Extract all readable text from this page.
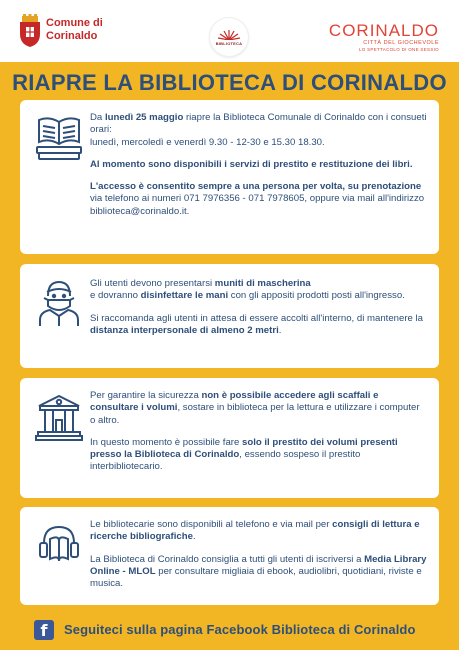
Comune di
Corinaldo
BIBLIOTECA
CORINALDO
CITTÀ DEL GIOCHEVOLE
LO SPETTACOLO DI ONE SESSIO
RIAPRE LA BIBLIOTECA DI CORINALDO

Da lunedì 25 maggio riapre la Biblioteca Comunale di Corinaldo con i consueti orari:
lunedì, mercoledì e venerdì 9.30 - 12-30 e 15.30 18.30.

Al momento sono disponibili i servizi di prestito e restituzione dei libri.

L'accesso è consentito sempre a una persona per volta, su prenotazione via telefono ai numeri 071 7976356 - 071 7978605, oppure via mail all'indirizzo biblioteca@corinaldo.it.

Gli utenti devono presentarsi muniti di mascherina
e dovranno disinfettare le mani con gli appositi prodotti posti all'ingresso.

Si raccomanda agli utenti in attesa di essere accolti all'interno, di mantenere la distanza interpersonale di almeno 2 metri.

Per garantire la sicurezza non è possibile accedere agli scaffali e consultare i volumi, sostare in biblioteca per la lettura e utilizzare i computer o altro.

In questo momento è possibile fare solo il prestito dei volumi presenti presso la Biblioteca di Corinaldo, essendo sospeso il prestito interbibliotecario.

Le bibliotecarie sono disponibili al telefono e via mail per consigli di lettura e ricerche bibliografiche.

La Biblioteca di Corinaldo consiglia a tutti gli utenti di iscriversi a Media Library Online - MLOL per consultare migliaia di ebook, audiolibri, quotidiani, riviste e musica.

f	Seguiteci sulla pagina Facebook Biblioteca di Corinaldo
